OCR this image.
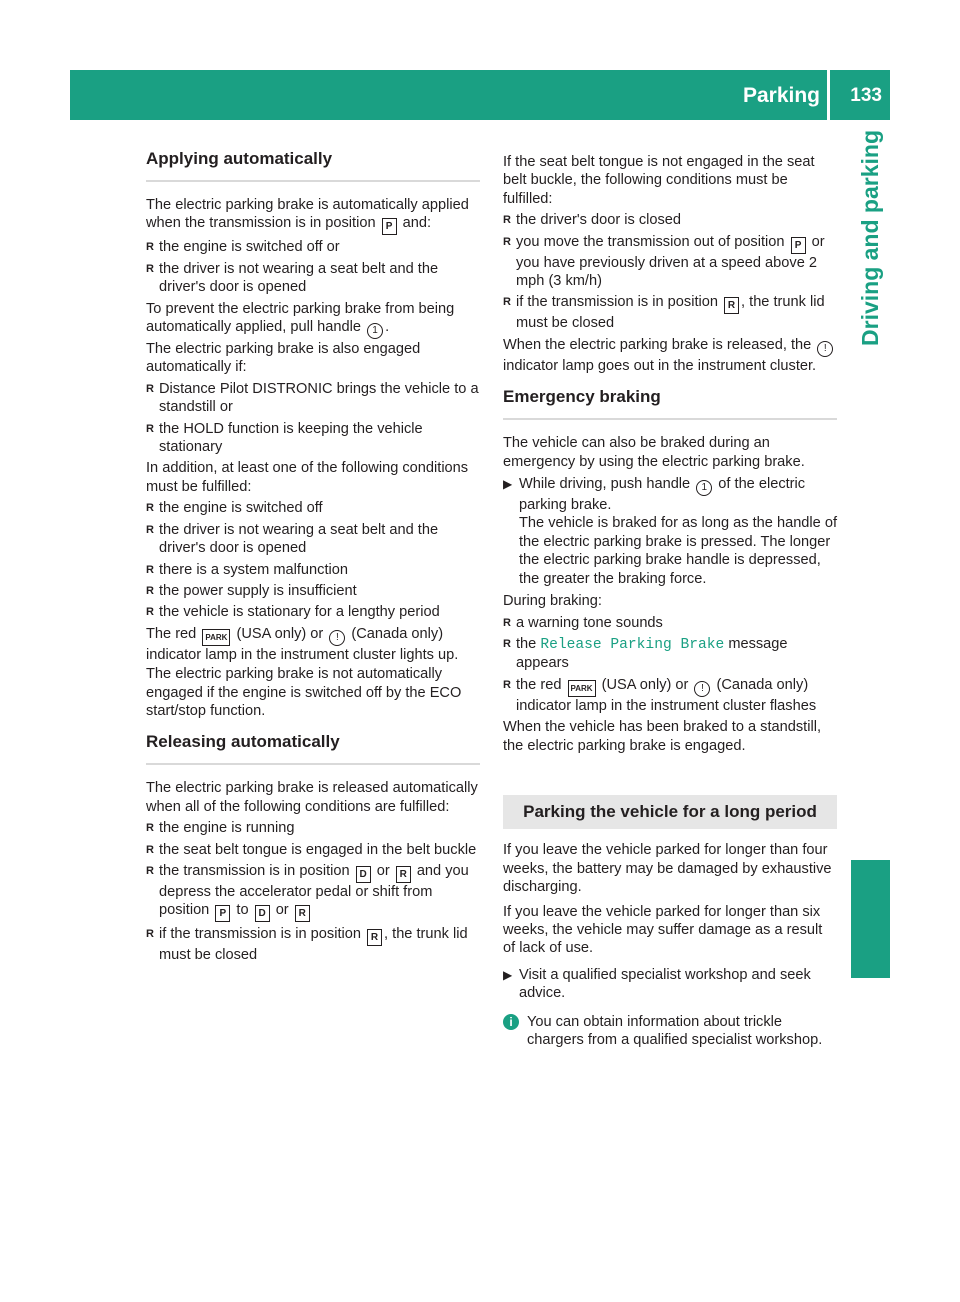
Parking 133
Driving and parking
Applying automatically

The electric parking brake is automatically applied when the transmission is in position P and:

R the engine is switched off or
R the driver is not wearing a seat belt and the driver's door is opened

To prevent the electric parking brake from being automatically applied, pull handle 1 .

The electric parking brake is also engaged automatically if:

R Distance Pilot DISTRONIC brings the vehicle to a standstill or
R the HOLD function is keeping the vehicle stationary

In addition, at least one of the following conditions must be fulfilled:

R the engine is switched off
R the driver is not wearing a seat belt and the driver's door is opened
R there is a system malfunction
R the power supply is insufficient
R the vehicle is stationary for a lengthy period

The red PARK (USA only) or ! (Canada only) indicator lamp in the instrument cluster lights up.

The electric parking brake is not automatically engaged if the engine is switched off by the ECO start/stop function.

Releasing automatically

The electric parking brake is released automatically when all of the following conditions are fulfilled:

R the engine is running
R the seat belt tongue is engaged in the belt buckle
R the transmission is in position D or R and you depress the accelerator pedal or shift from position P to D or R
R if the transmission is in position R , the trunk lid must be closed

If the seat belt tongue is not engaged in the seat belt buckle, the following conditions must be fulfilled:

R the driver's door is closed
R you move the transmission out of position P or you have previously driven at a speed above 2 mph (3 km/h)
R if the transmission is in position R , the trunk lid must be closed

When the electric parking brake is released, the ! indicator lamp goes out in the instrument cluster.

Emergency braking

The vehicle can also be braked during an emergency by using the electric parking brake.

▶ While driving, push handle 1 of the electric parking brake.
The vehicle is braked for as long as the handle of the electric parking brake is pressed. The longer the electric parking brake handle is depressed, the greater the braking force.

During braking:

R a warning tone sounds
R the Release Parking Brake message appears
R the red PARK (USA only) or ! (Canada only) indicator lamp in the instrument cluster flashes

When the vehicle has been braked to a standstill, the electric parking brake is engaged.

Parking the vehicle for a long period

If you leave the vehicle parked for longer than four weeks, the battery may be damaged by exhaustive discharging.

If you leave the vehicle parked for longer than six weeks, the vehicle may suffer damage as a result of lack of use.

▶ Visit a qualified specialist workshop and seek advice.
i You can obtain information about trickle chargers from a qualified specialist workshop.
